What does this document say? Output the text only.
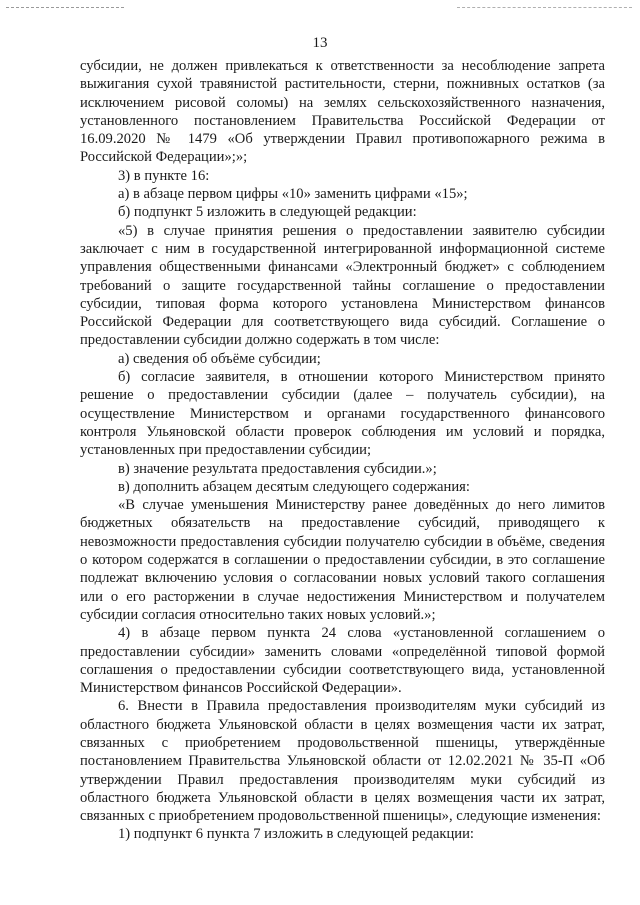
13

субсидии, не должен привлекаться к ответственности за несоблюдение запрета выжигания сухой травянистой растительности, стерни, пожнивных остатков (за исключением рисовой соломы) на землях сельскохозяйственного назначения, установленного постановлением Правительства Российской Федерации от 16.09.2020 № 1479 «Об утверждении Правил противопожарного режима в Российской Федерации»;»;

3) в пункте 16:

а) в абзаце первом цифры «10» заменить цифрами «15»;

б) подпункт 5 изложить в следующей редакции:

«5) в случае принятия решения о предоставлении заявителю субсидии заключает с ним в государственной интегрированной информационной системе управления общественными финансами «Электронный бюджет» с соблюдением требований о защите государственной тайны соглашение о предоставлении субсидии, типовая форма которого установлена Министерством финансов Российской Федерации для соответствующего вида субсидий. Соглашение о предоставлении субсидии должно содержать в том числе:

а) сведения об объёме субсидии;

б) согласие заявителя, в отношении которого Министерством принято решение о предоставлении субсидии (далее – получатель субсидии), на осуществление Министерством и органами государственного финансового контроля Ульяновской области проверок соблюдения им условий и порядка, установленных при предоставлении субсидии;

в) значение результата предоставления субсидии.»;

в) дополнить абзацем десятым следующего содержания:

«В случае уменьшения Министерству ранее доведённых до него лимитов бюджетных обязательств на предоставление субсидий, приводящего к невозможности предоставления субсидии получателю субсидии в объёме, сведения о котором содержатся в соглашении о предоставлении субсидии, в это соглашение подлежат включению условия о согласовании новых условий такого соглашения или о его расторжении в случае недостижения Министерством и получателем субсидии согласия относительно таких новых условий.»;

4) в абзаце первом пункта 24 слова «установленной соглашением о предоставлении субсидии» заменить словами «определённой типовой формой соглашения о предоставлении субсидии соответствующего вида, установленной Министерством финансов Российской Федерации».

6. Внести в Правила предоставления производителям муки субсидий из областного бюджета Ульяновской области в целях возмещения части их затрат, связанных с приобретением продовольственной пшеницы, утверждённые постановлением Правительства Ульяновской области от 12.02.2021 № 35-П «Об утверждении Правил предоставления производителям муки субсидий из областного бюджета Ульяновской области в целях возмещения части их затрат, связанных с приобретением продовольственной пшеницы», следующие изменения:

1) подпункт 6 пункта 7 изложить в следующей редакции:
